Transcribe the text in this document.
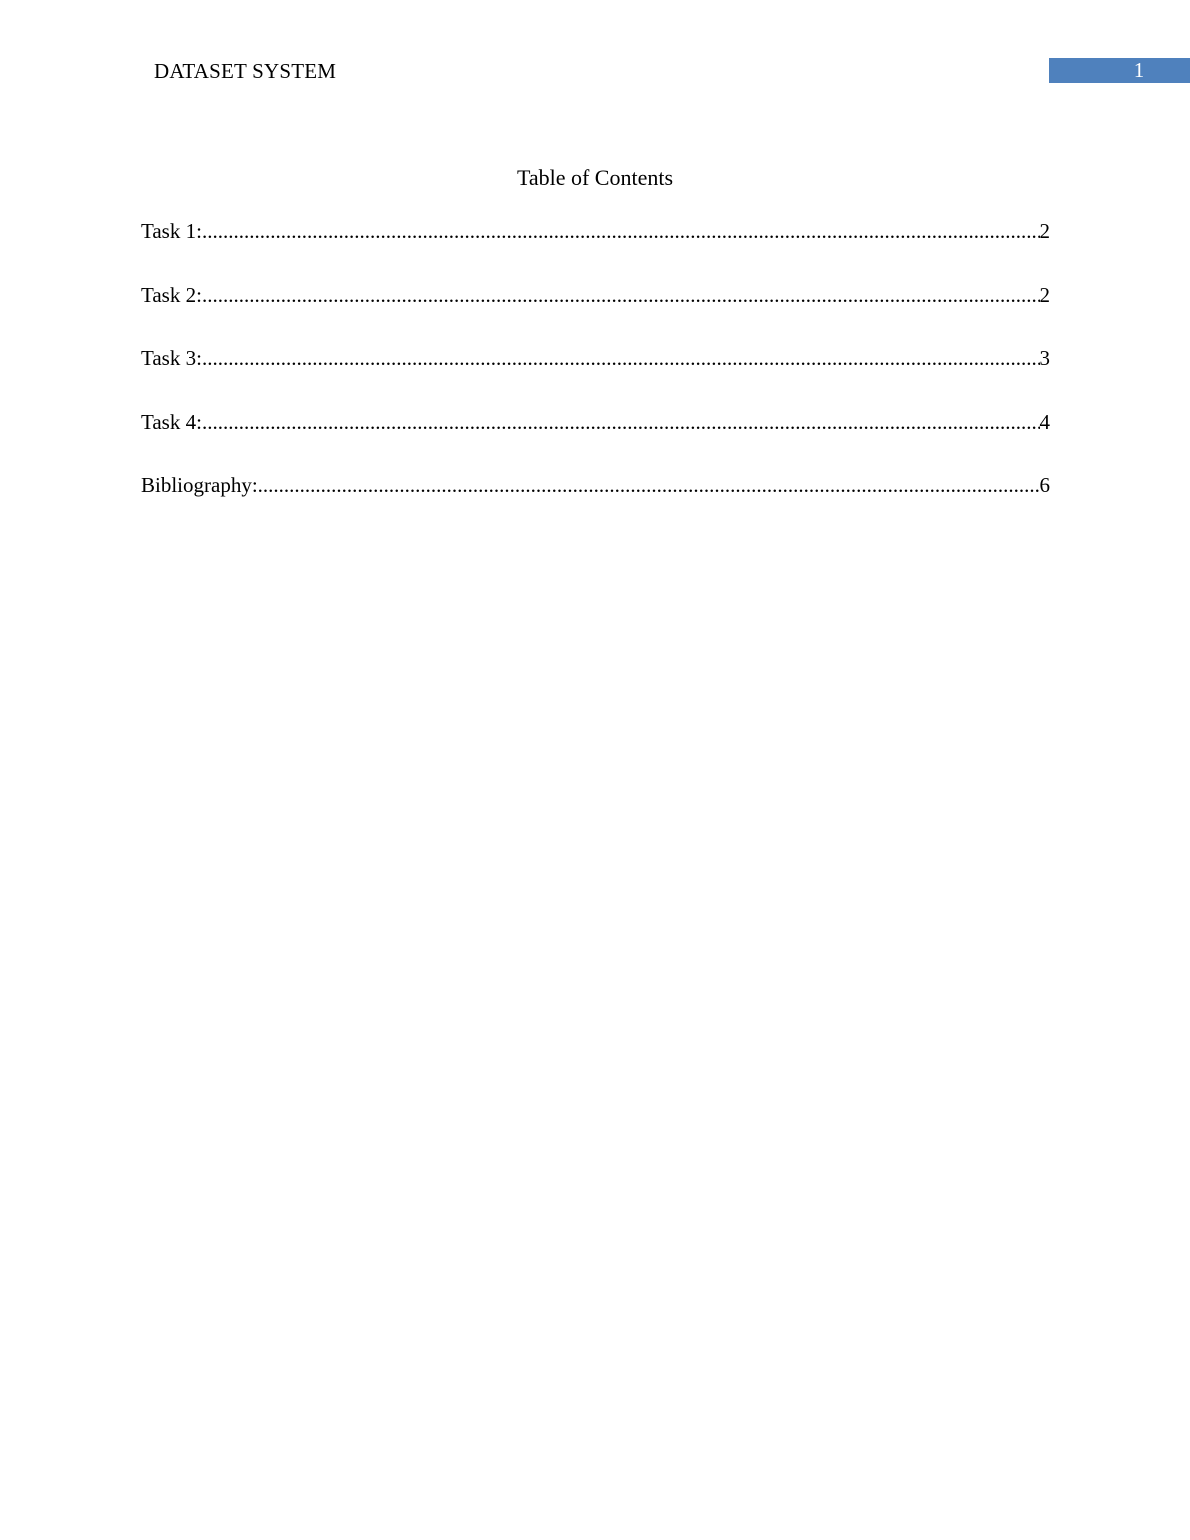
DATASET SYSTEM	1
Table of Contents
Task 1: .....	2
Task 2: .....	2
Task 3: .....	3
Task 4: .....	4
Bibliography: .....	6
